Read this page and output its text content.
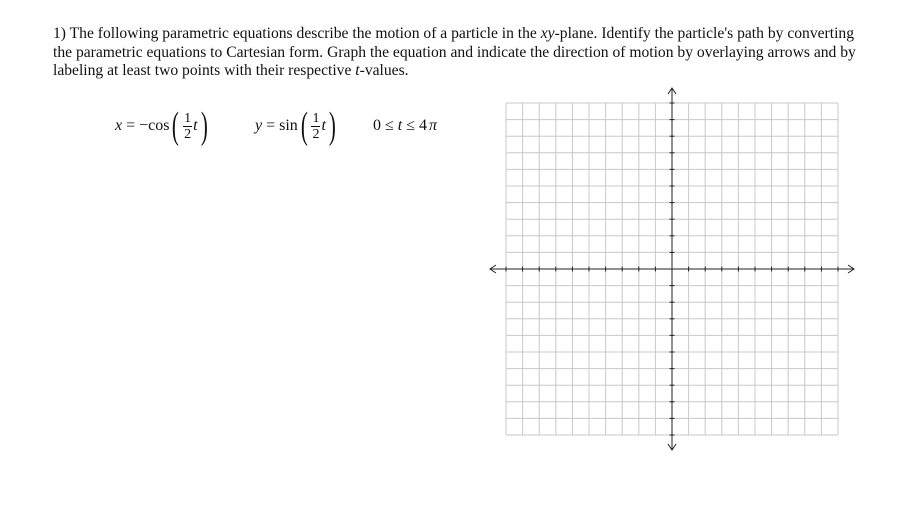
1) The following parametric equations describe the motion of a particle in the xy-plane. Identify the particle's path by converting the parametric equations to Cartesian form. Graph the equation and indicate the direction of motion by overlaying arrows and by labeling at least two points with their respective t-values.

x = −cos ( $\frac{1}{2}$ t )	y = sin ( $\frac{1}{2}$ t ) 0 ≤ t ≤ 4 π
